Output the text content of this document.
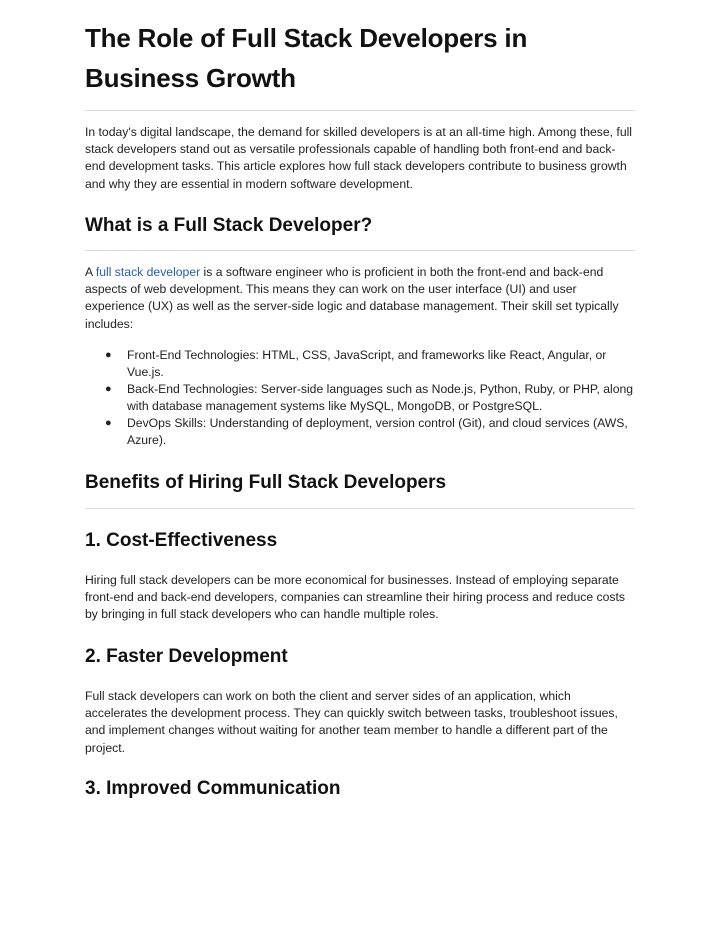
The Role of Full Stack Developers in Business Growth

In today's digital landscape, the demand for skilled developers is at an all-time high. Among these, full stack developers stand out as versatile professionals capable of handling both front-end and back-end development tasks. This article explores how full stack developers contribute to business growth and why they are essential in modern software development.

What is a Full Stack Developer?

A full stack developer is a software engineer who is proficient in both the front-end and back-end aspects of web development. This means they can work on the user interface (UI) and user experience (UX) as well as the server-side logic and database management. Their skill set typically includes:

● Front-End Technologies: HTML, CSS, JavaScript, and frameworks like React, Angular, or Vue.js.
● Back-End Technologies: Server-side languages such as Node.js, Python, Ruby, or PHP, along with database management systems like MySQL, MongoDB, or PostgreSQL.
● DevOps Skills: Understanding of deployment, version control (Git), and cloud services (AWS, Azure).
Benefits of Hiring Full Stack Developers
1. Cost-Effectiveness

Hiring full stack developers can be more economical for businesses. Instead of employing separate front-end and back-end developers, companies can streamline their hiring process and reduce costs by bringing in full stack developers who can handle multiple roles.

2. Faster Development

Full stack developers can work on both the client and server sides of an application, which accelerates the development process. They can quickly switch between tasks, troubleshoot issues, and implement changes without waiting for another team member to handle a different part of the project.

3. Improved Communication
